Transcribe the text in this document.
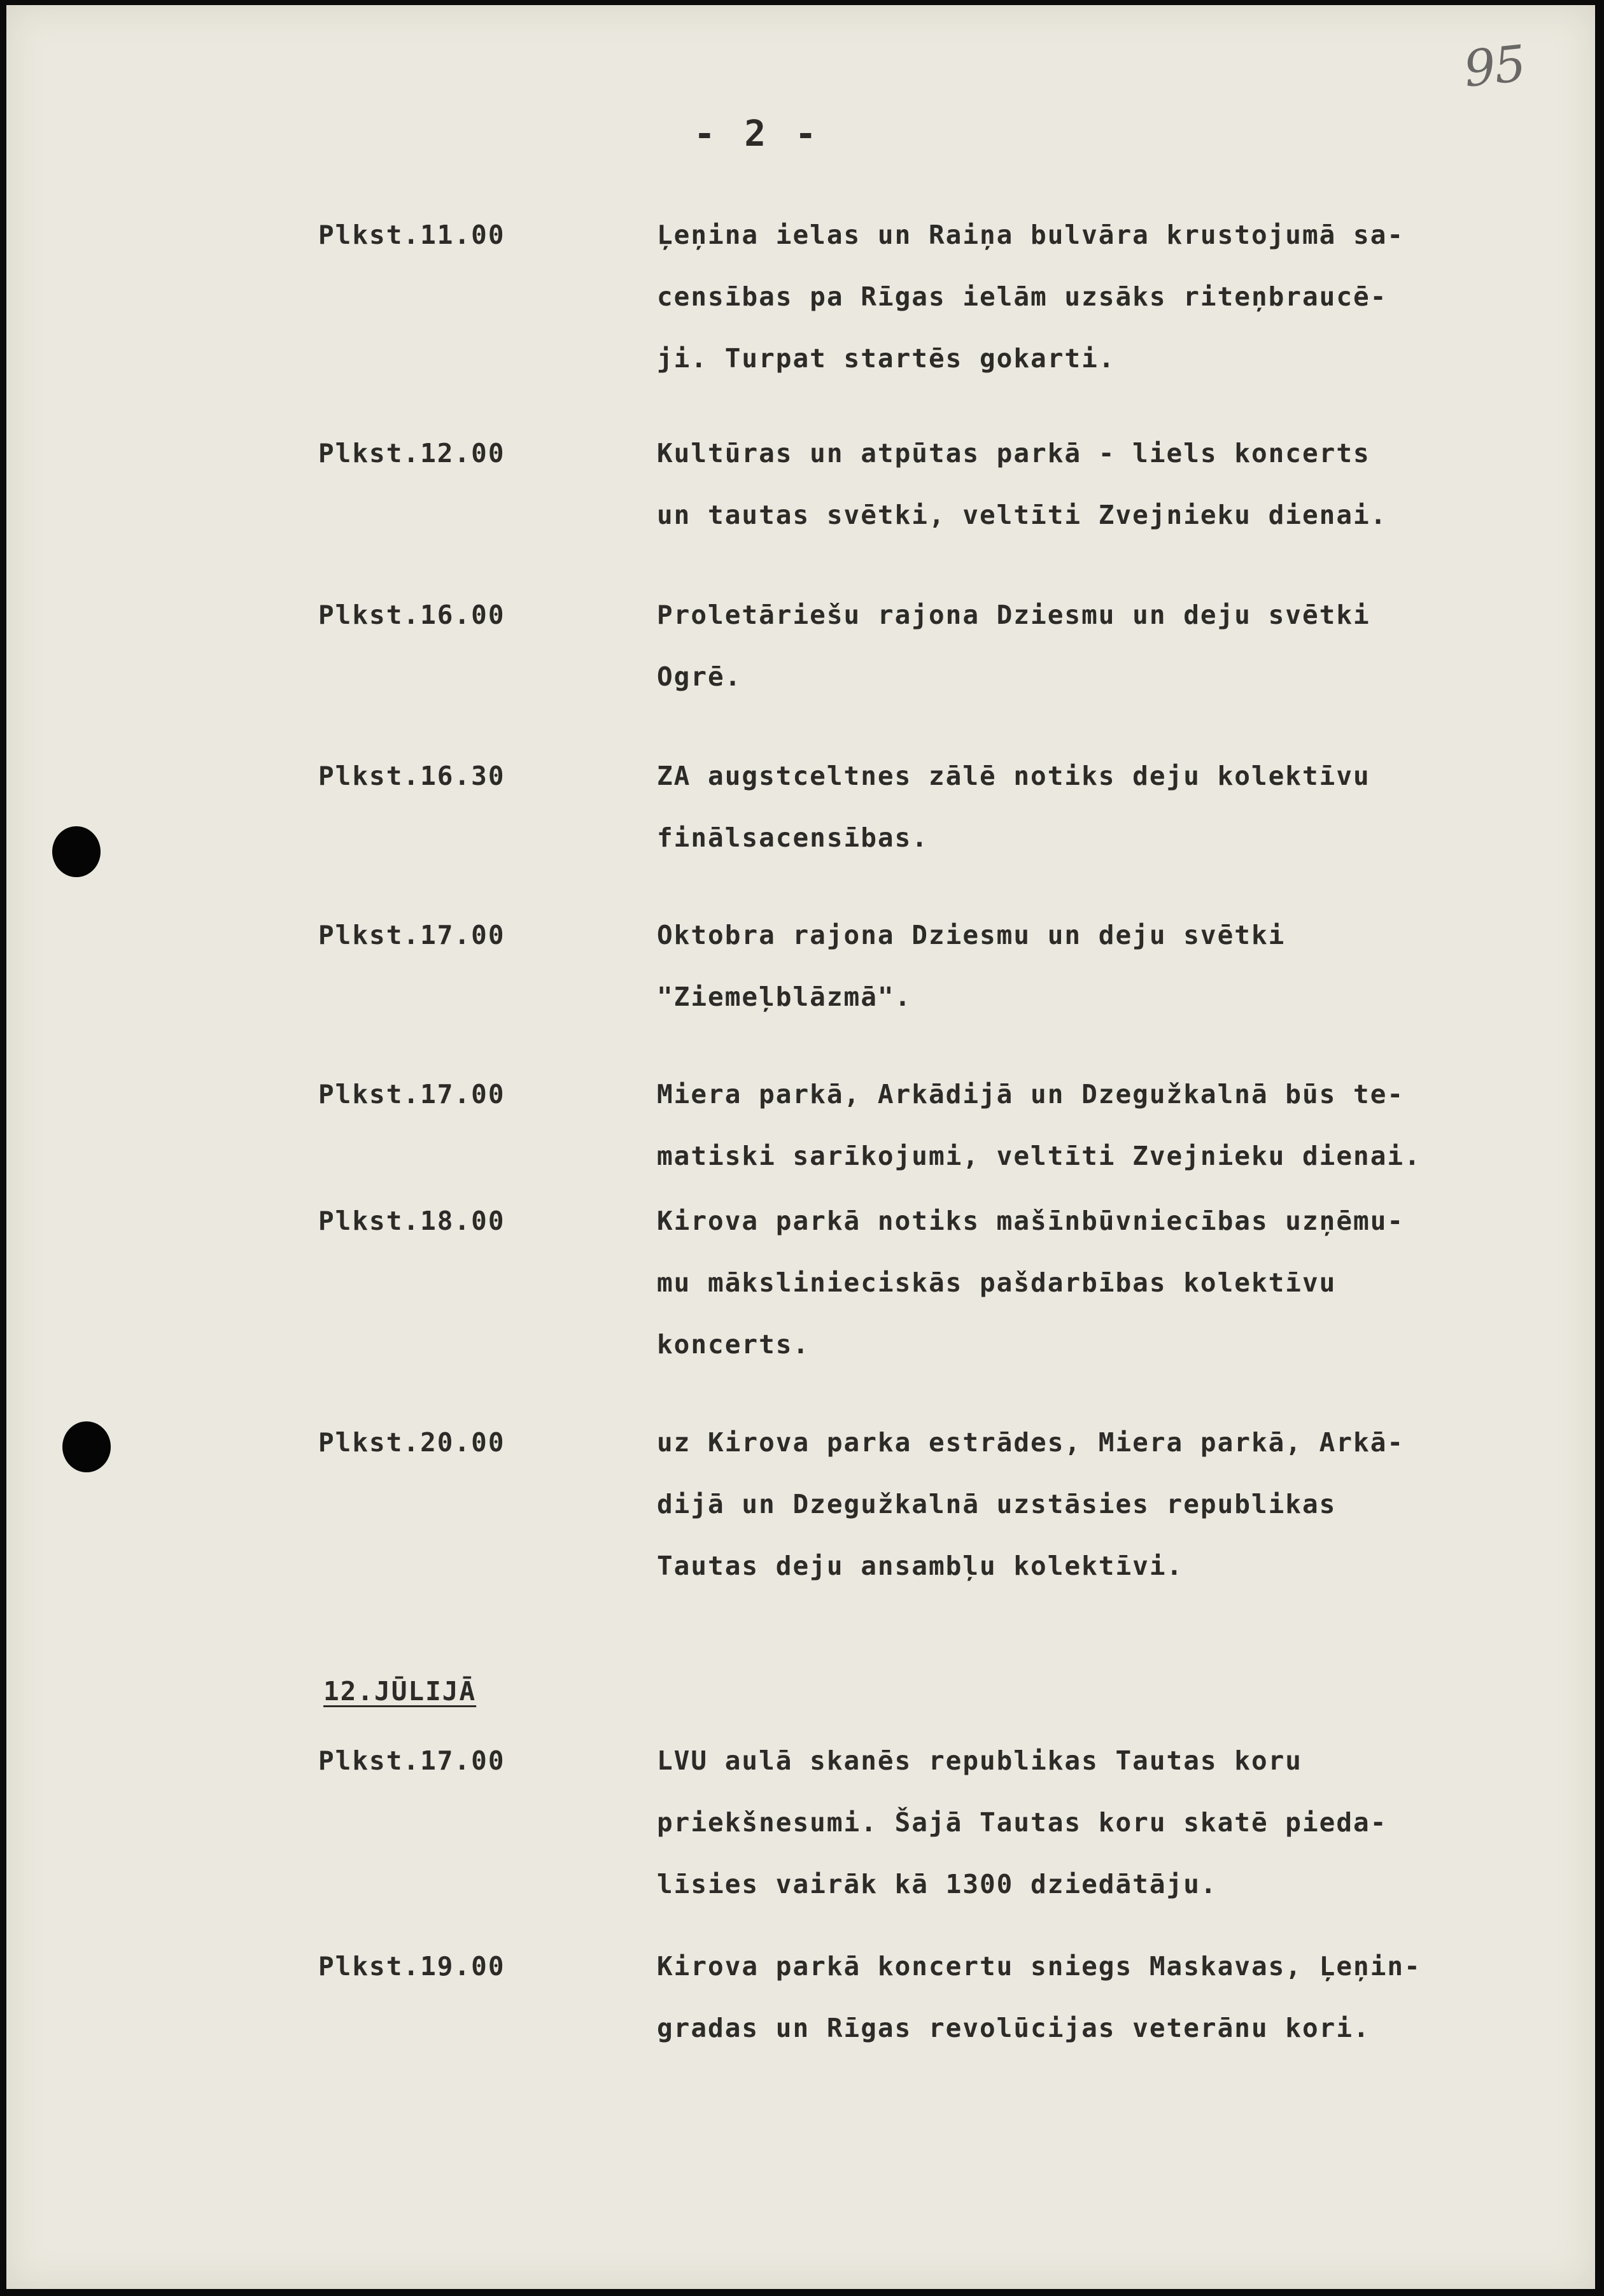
95
- 2 -
Plkst.11.00	Ļeņina ielas un Raiņa bulvāra krustojumā sa-
censības pa Rīgas ielām uzsāks riteņbraucē-
ji. Turpat startēs gokarti.
Plkst.12.00	Kultūras un atpūtas parkā - liels koncerts
un tautas svētki, veltīti Zvejnieku dienai.
Plkst.16.00	Proletāriešu rajona Dziesmu un deju svētki
Ogrē.
Plkst.16.30	ZA augstceltnes zālē notiks deju kolektīvu
finālsacensības.
Plkst.17.00	Oktobra rajona Dziesmu un deju svētki
"Ziemeļblāzmā".
Plkst.17.00	Miera parkā, Arkādijā un Dzegužkalnā būs te-
matiski sarīkojumi, veltīti Zvejnieku dienai.
Plkst.18.00	Kirova parkā notiks mašīnbūvniecības uzņēmu-
mu mākslinieciskās pašdarbības kolektīvu
koncerts.
Plkst.20.00	uz Kirova parka estrādes, Miera parkā, Arkā-
dijā un Dzegužkalnā uzstāsies republikas
Tautas deju ansambļu kolektīvi.
12.JŪLIJĀ
Plkst.17.00	LVU aulā skanēs republikas Tautas koru
priekšnesumi. Šajā Tautas koru skatē pieda-
līsies vairāk kā 1300 dziedātāju.
Plkst.19.00	Kirova parkā koncertu sniegs Maskavas, Ļeņin-
gradas un Rīgas revolūcijas veterānu kori.
